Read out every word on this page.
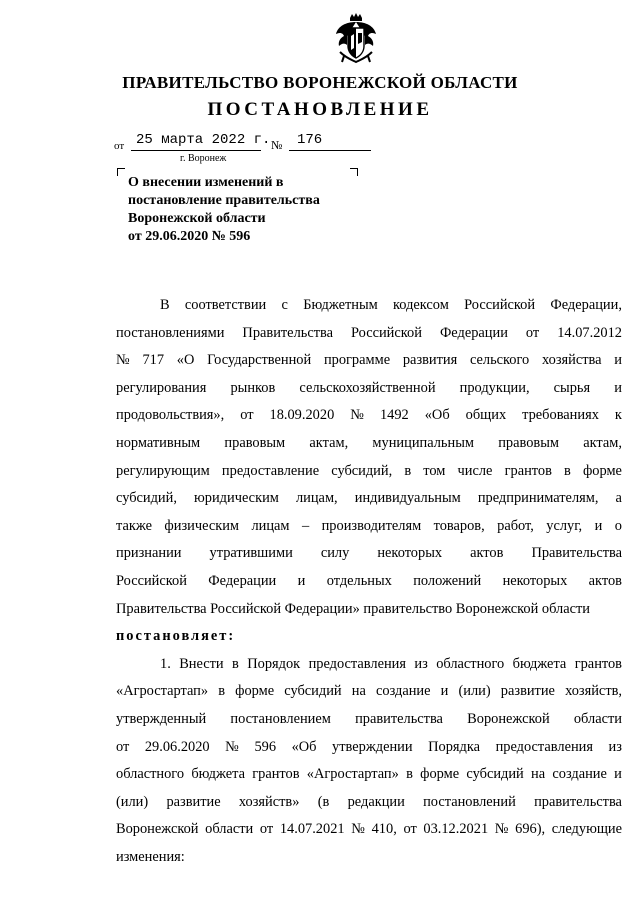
ПРАВИТЕЛЬСТВО ВОРОНЕЖСКОЙ ОБЛАСТИ
ПОСТАНОВЛЕНИЕ
от 25 марта 2022 г. № 176
г. Воронеж
О внесении изменений в
постановление правительства
Воронежской области
от 29.06.2020 № 596
В соответствии с Бюджетным кодексом Российской Федерации,
постановлениями Правительства Российской Федерации от 14.07.2012
№ 717 «О Государственной программе развития сельского хозяйства и
регулирования рынков сельскохозяйственной продукции, сырья и
продовольствия», от 18.09.2020 № 1492 «Об общих требованиях к
нормативным правовым актам, муниципальным правовым актам,
регулирующим предоставление субсидий, в том числе грантов в форме
субсидий, юридическим лицам, индивидуальным предпринимателям, а
также физическим лицам – производителям товаров, работ, услуг, и о
признании утратившими силу некоторых актов Правительства
Российской Федерации и отдельных положений некоторых актов
Правительства Российской Федерации» правительство Воронежской области
постановляет:
1. Внести в Порядок предоставления из областного бюджета грантов
«Агростартап» в форме субсидий на создание и (или) развитие хозяйств,
утвержденный постановлением правительства Воронежской области
от 29.06.2020 № 596 «Об утверждении Порядка предоставления из
областного бюджета грантов «Агростартап» в форме субсидий на создание и
(или) развитие хозяйств» (в редакции постановлений правительства
Воронежской области от 14.07.2021 № 410, от 03.12.2021 № 696), следующие
изменения:
